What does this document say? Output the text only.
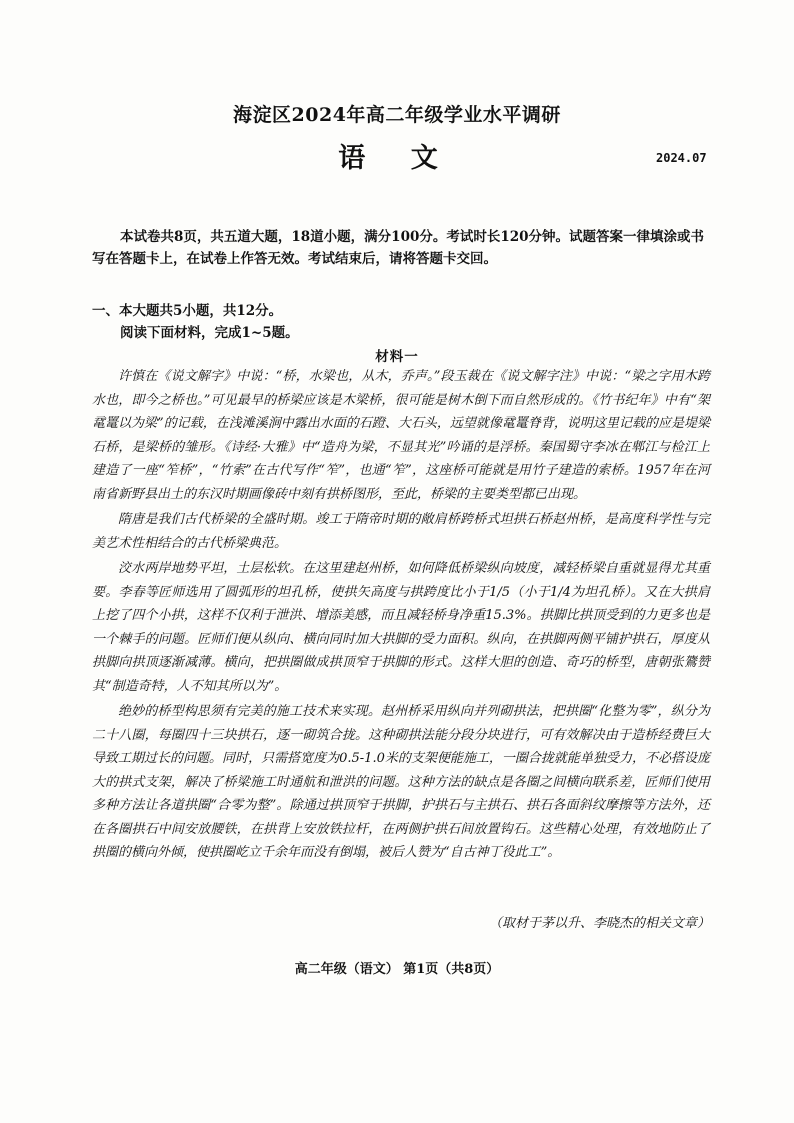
海淀区2024年高二年级学业水平调研
语 文	2024.07

本试卷共8页，共五道大题，18道小题，满分100分。考试时长120分钟。试题答案一律填涂或书写在答题卡上，在试卷上作答无效。考试结束后，请将答题卡交回。

一、本大题共5小题，共12分。

阅读下面材料，完成1~5题。

材料一

许慎在《说文解字》中说：“桥，水梁也，从木，乔声。”段玉裁在《说文解字注》中说：“梁之字用木跨水也，即今之桥也。”可见最早的桥梁应该是木梁桥，很可能是树木倒下而自然形成的。《竹书纪年》中有“架鼋鼍以为梁”的记载，在浅滩溪涧中露出水面的石蹬、大石头，远望就像鼋鼍脊背，说明这里记载的应是堤梁石桥，是梁桥的雏形。《诗经·大雅》中“造舟为梁，不显其光”吟诵的是浮桥。秦国蜀守李冰在郫江与检江上建造了一座“笮桥”，“竹索”在古代写作“笮”，也通“笮”，这座桥可能就是用竹子建造的索桥。1957年在河南省新野县出土的东汉时期画像砖中刻有拱桥图形，至此，桥梁的主要类型都已出现。

隋唐是我们古代桥梁的全盛时期。竣工于隋帝时期的敞肩桥跨桥式坦拱石桥赵州桥，是高度科学性与完美艺术性相结合的古代桥梁典范。

洨水两岸地势平坦，土层松软。在这里建赵州桥，如何降低桥梁纵向坡度，减轻桥梁自重就显得尤其重要。李春等匠师选用了圆弧形的坦孔桥，使拱矢高度与拱跨度比小于1/5（小于1/4为坦孔桥）。又在大拱肩上挖了四个小拱，这样不仅利于泄洪、增添美感，而且减轻桥身净重15.3%。拱脚比拱顶受到的力更多也是一个棘手的问题。匠师们便从纵向、横向同时加大拱脚的受力面积。纵向，在拱脚两侧平铺护拱石，厚度从拱脚向拱顶逐渐减薄。横向，把拱圈做成拱顶窄于拱脚的形式。这样大胆的创造、奇巧的桥型，唐朝张鷟赞其“制造奇特，人不知其所以为”。

绝妙的桥型构思须有完美的施工技术来实现。赵州桥采用纵向并列砌拱法，把拱圈“化整为零”，纵分为二十八圈，每圈四十三块拱石，逐一砌筑合拢。这种砌拱法能分段分块进行，可有效解决由于造桥经费巨大导致工期过长的问题。同时，只需搭宽度为0.5-1.0米的支架便能施工，一圈合拢就能单独受力，不必搭设庞大的拱式支架，解决了桥梁施工时通航和泄洪的问题。这种方法的缺点是各圈之间横向联系差，匠师们使用多种方法让各道拱圈“合零为整”。除通过拱顶窄于拱脚，护拱石与主拱石、拱石各面斜纹摩擦等方法外，还在各圈拱石中间安放腰铁，在拱背上安放铁拉杆，在两侧护拱石间放置钩石。这些精心处理，有效地防止了拱圈的横向外倾，使拱圈屹立千余年而没有倒塌，被后人赞为“自古神丁役此工”。

（取材于茅以升、李晓杰的相关文章）

高二年级（语文） 第1页（共8页）
